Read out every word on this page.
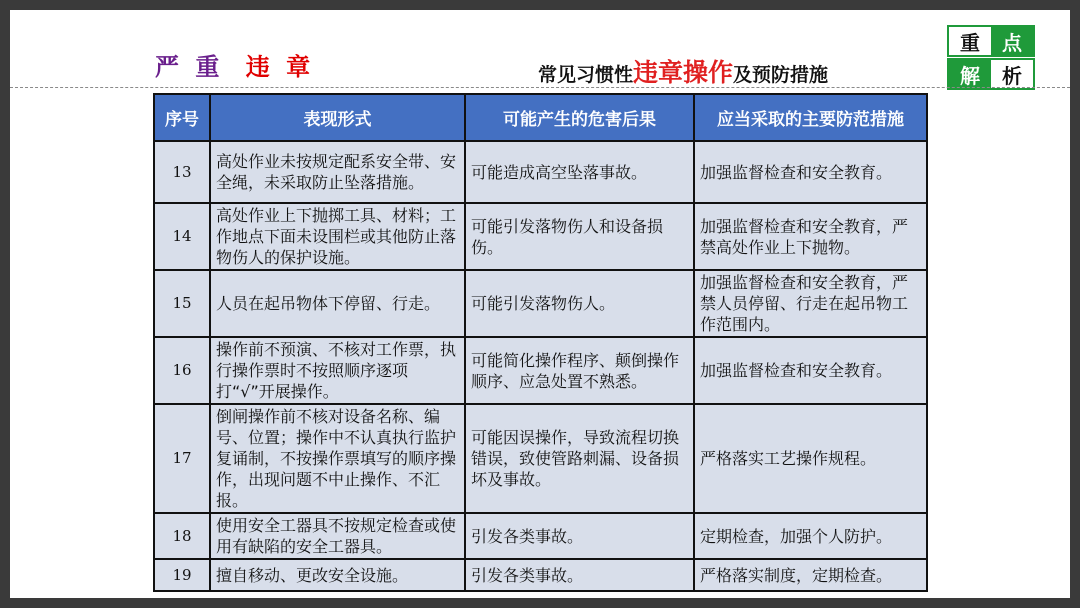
严 重 违 章	常见习惯性违章操作及预防措施
重	点
解	析
序号	表现形式	可能产生的危害后果	应当采取的主要防范措施
13	高处作业未按规定配系安全带、安全绳，未采取防止坠落措施。	可能造成高空坠落事故。	加强监督检查和安全教育。
14	高处作业上下抛掷工具、材料；工作地点下面未设围栏或其他防止落物伤人的保护设施。	可能引发落物伤人和设备损伤。	加强监督检查和安全教育，严禁高处作业上下抛物。
15	人员在起吊物体下停留、行走。	可能引发落物伤人。	加强监督检查和安全教育，严禁人员停留、行走在起吊物工作范围内。
16	操作前不预演、不核对工作票，执行操作票时不按照顺序逐项打“√”开展操作。	可能简化操作程序、颠倒操作顺序、应急处置不熟悉。	加强监督检查和安全教育。
17	倒闸操作前不核对设备名称、编号、位置；操作中不认真执行监护复诵制，不按操作票填写的顺序操作，出现问题不中止操作、不汇报。	可能因误操作，导致流程切换错误，致使管路刺漏、设备损坏及事故。	严格落实工艺操作规程。
18	使用安全工器具不按规定检查或使用有缺陷的安全工器具。	引发各类事故。	定期检查，加强个人防护。
19	擅自移动、更改安全设施。	引发各类事故。	严格落实制度，定期检查。
